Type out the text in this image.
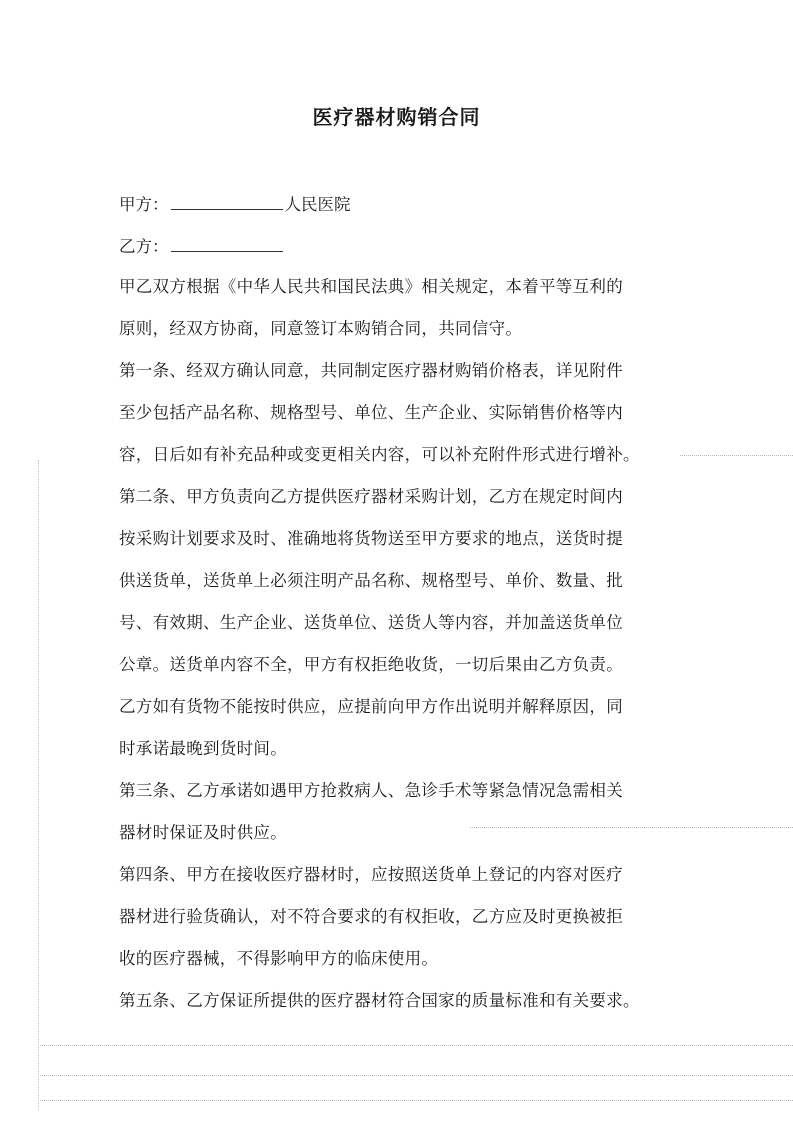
医疗器材购销合同
甲方：	人民医院
乙方：
甲乙双方根据《中华人民共和国民法典》相关规定，本着平等互利的
原则，经双方协商，同意签订本购销合同，共同信守。
第一条、经双方确认同意，共同制定医疗器材购销价格表，详见附件
至少包括产品名称、规格型号、单位、生产企业、实际销售价格等内
容，日后如有补充品种或变更相关内容，可以补充附件形式进行增补。
第二条、甲方负责向乙方提供医疗器材采购计划，乙方在规定时间内
按采购计划要求及时、准确地将货物送至甲方要求的地点，送货时提
供送货单，送货单上必须注明产品名称、规格型号、单价、数量、批
号、有效期、生产企业、送货单位、送货人等内容，并加盖送货单位
公章。送货单内容不全，甲方有权拒绝收货，一切后果由乙方负责。
乙方如有货物不能按时供应，应提前向甲方作出说明并解释原因，同
时承诺最晚到货时间。
第三条、乙方承诺如遇甲方抢救病人、急诊手术等紧急情况急需相关
器材时保证及时供应。
第四条、甲方在接收医疗器材时，应按照送货单上登记的内容对医疗
器材进行验货确认，对不符合要求的有权拒收，乙方应及时更换被拒
收的医疗器械，不得影响甲方的临床使用。
第五条、乙方保证所提供的医疗器材符合国家的质量标准和有关要求。
